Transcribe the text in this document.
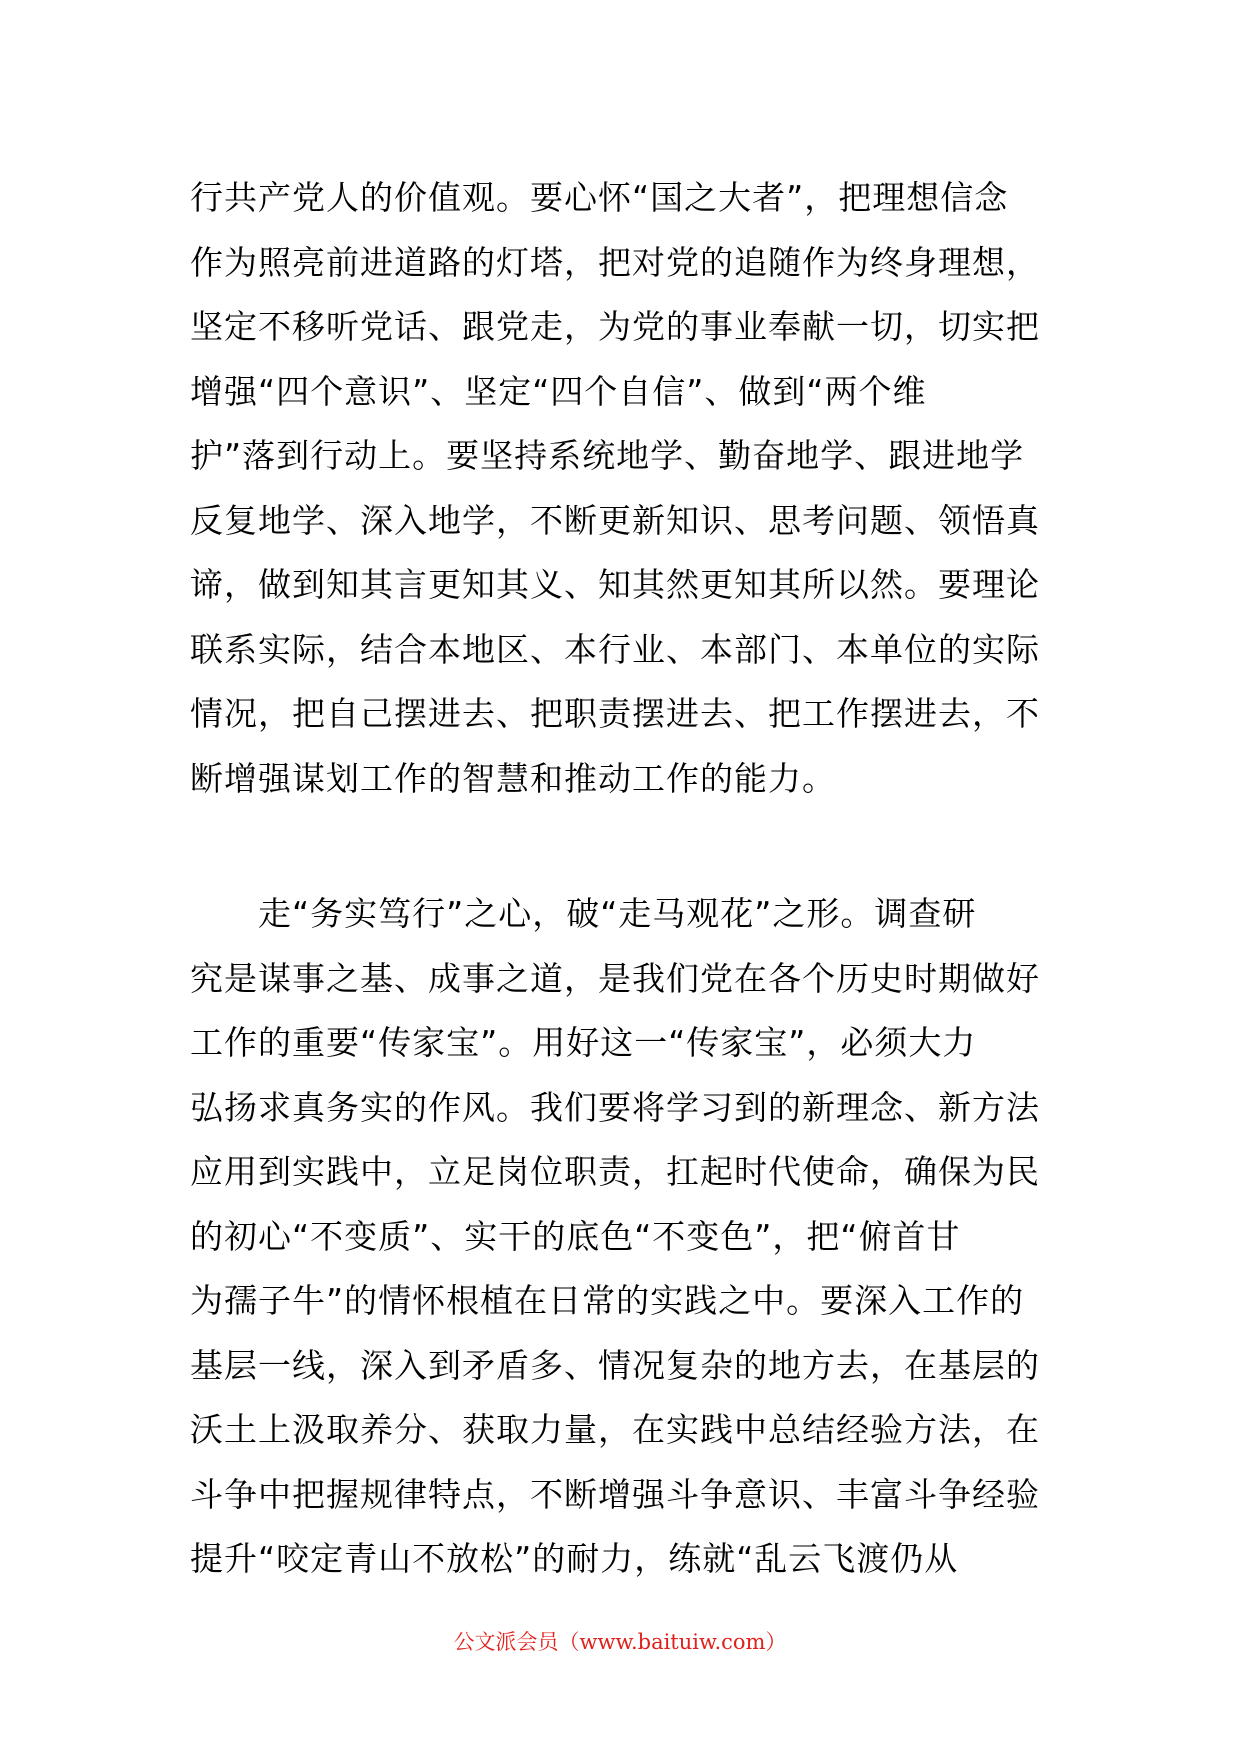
行共产党人的价值观。要心怀“国之大者”，把理想信念
作为照亮前进道路的灯塔，把对党的追随作为终身理想，
坚定不移听党话、跟党走，为党的事业奉献一切，切实把
增强“四个意识”、坚定“四个自信”、做到“两个维
护”落到行动上。要坚持系统地学、勤奋地学、跟进地学
反复地学、深入地学，不断更新知识、思考问题、领悟真
谛，做到知其言更知其义、知其然更知其所以然。要理论
联系实际，结合本地区、本行业、本部门、本单位的实际
情况，把自己摆进去、把职责摆进去、把工作摆进去，不
断增强谋划工作的智慧和推动工作的能力。
　　走“务实笃行”之心，破“走马观花”之形。调查研
究是谋事之基、成事之道，是我们党在各个历史时期做好
工作的重要“传家宝”。用好这一“传家宝”，必须大力
弘扬求真务实的作风。我们要将学习到的新理念、新方法
应用到实践中，立足岗位职责，扛起时代使命，确保为民
的初心“不变质”、实干的底色“不变色”，把“俯首甘
为孺子牛”的情怀根植在日常的实践之中。要深入工作的
基层一线，深入到矛盾多、情况复杂的地方去，在基层的
沃土上汲取养分、获取力量，在实践中总结经验方法，在
斗争中把握规律特点，不断增强斗争意识、丰富斗争经验
提升“咬定青山不放松”的耐力，练就“乱云飞渡仍从
公文派会员（www.baituiw.com）
